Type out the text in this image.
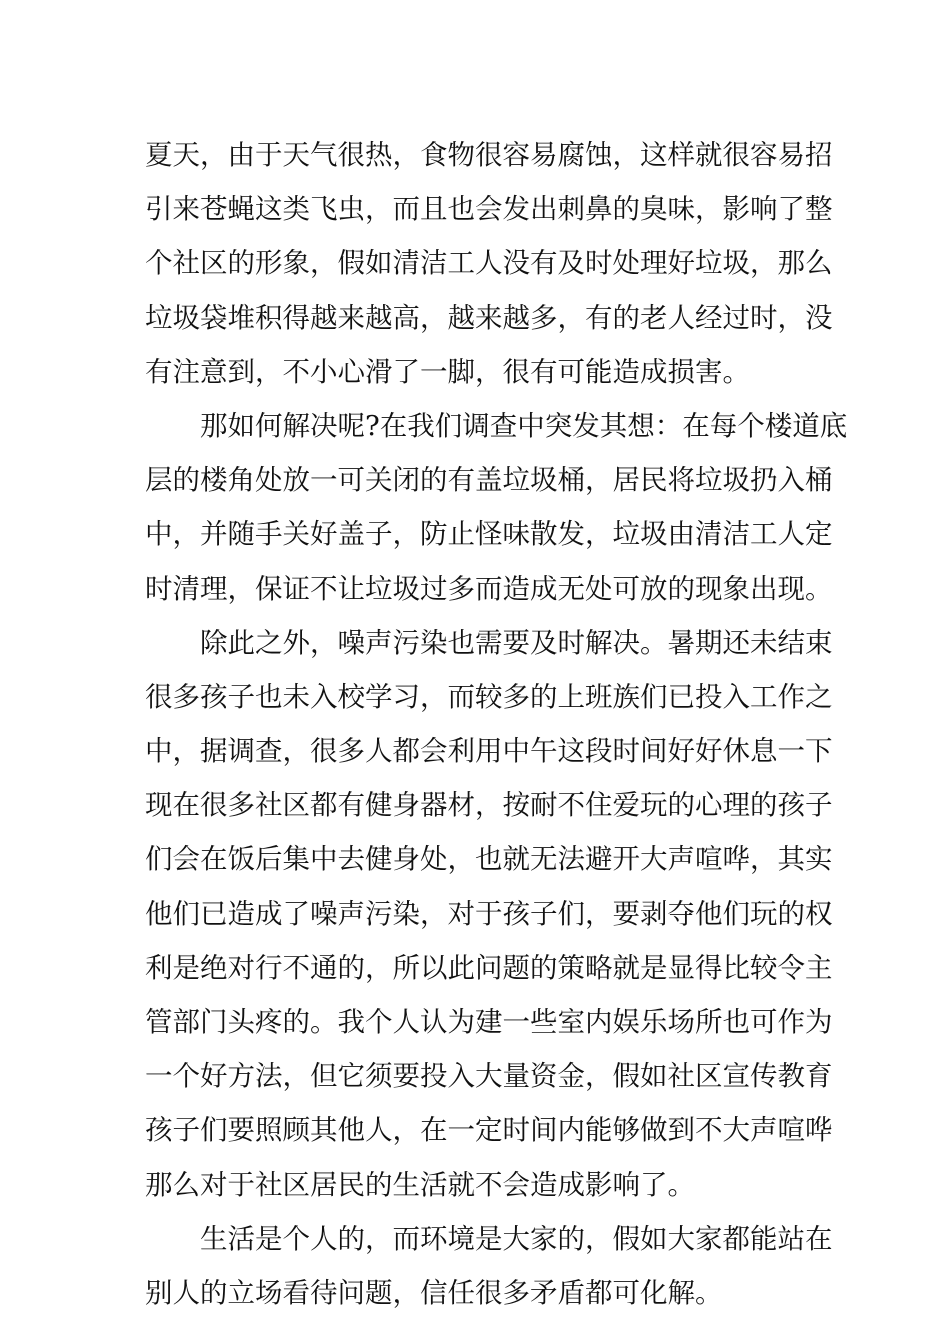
夏天，由于天气很热，食物很容易腐蚀，这样就很容易招
引来苍蝇这类飞虫，而且也会发出刺鼻的臭味，影响了整
个社区的形象，假如清洁工人没有及时处理好垃圾，那么
垃圾袋堆积得越来越高，越来越多，有的老人经过时，没
有注意到，不小心滑了一脚，很有可能造成损害。
那如何解决呢?在我们调查中突发其想：在每个楼道底
层的楼角处放一可关闭的有盖垃圾桶，居民将垃圾扔入桶
中，并随手关好盖子，防止怪味散发，垃圾由清洁工人定
时清理，保证不让垃圾过多而造成无处可放的现象出现。
除此之外，噪声污染也需要及时解决。暑期还未结束
很多孩子也未入校学习，而较多的上班族们已投入工作之
中，据调查，很多人都会利用中午这段时间好好休息一下
现在很多社区都有健身器材，按耐不住爱玩的心理的孩子
们会在饭后集中去健身处，也就无法避开大声喧哗，其实
他们已造成了噪声污染，对于孩子们，要剥夺他们玩的权
利是绝对行不通的，所以此问题的策略就是显得比较令主
管部门头疼的。我个人认为建一些室内娱乐场所也可作为
一个好方法，但它须要投入大量资金，假如社区宣传教育
孩子们要照顾其他人，在一定时间内能够做到不大声喧哗
那么对于社区居民的生活就不会造成影响了。
生活是个人的，而环境是大家的，假如大家都能站在
别人的立场看待问题，信任很多矛盾都可化解。
